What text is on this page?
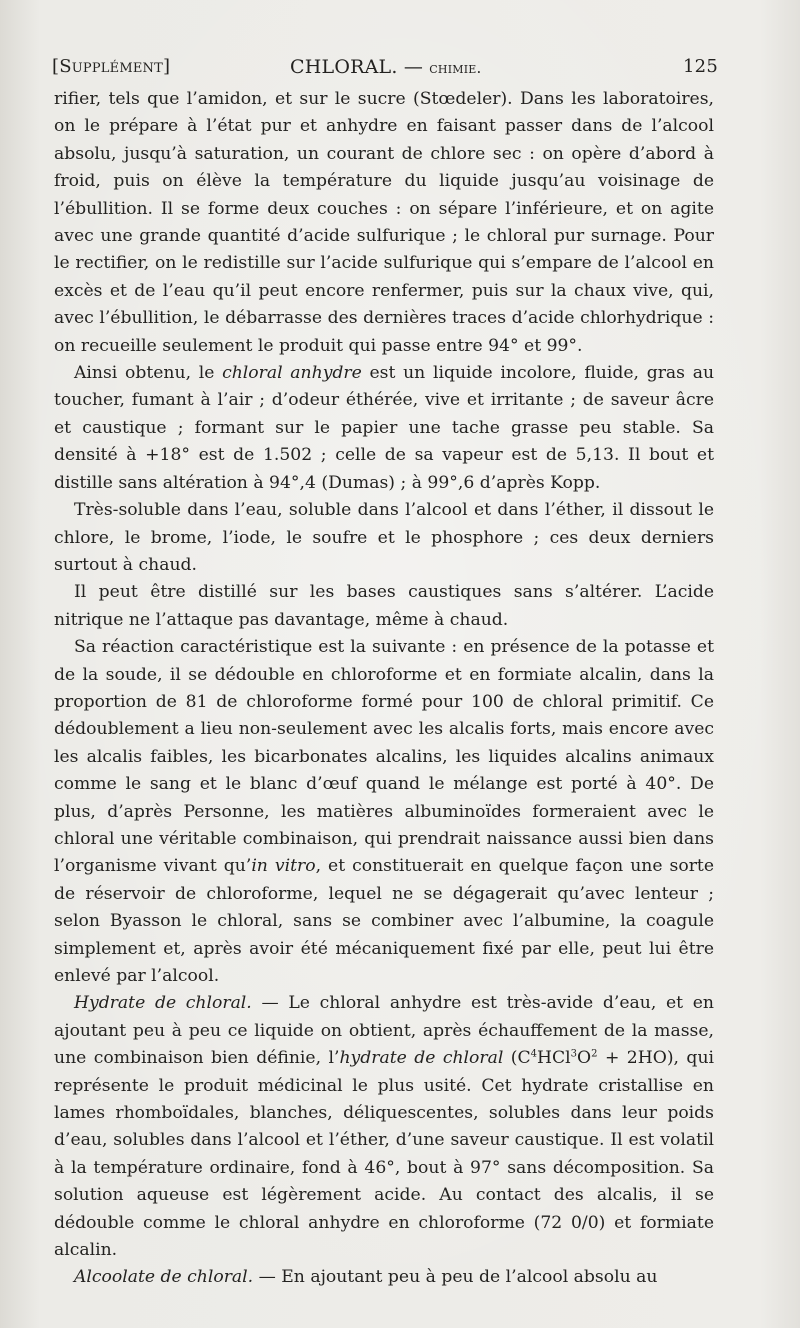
[Supplément]	CHLORAL. — chimie.	125

rifier, tels que l’amidon, et sur le sucre (Stœdeler). Dans les laboratoires, on le prépare à l’état pur et anhydre en faisant passer dans de l’alcool absolu, jusqu’à saturation, un courant de chlore sec : on opère d’abord à froid, puis on élève la température du liquide jusqu’au voisinage de l’ébullition. Il se forme deux couches : on sépare l’inférieure, et on agite avec une grande quantité d’acide sulfurique ; le chloral pur surnage. Pour le rectifier, on le redistille sur l’acide sulfurique qui s’empare de l’alcool en excès et de l’eau qu’il peut encore renfermer, puis sur la chaux vive, qui, avec l’ébullition, le débarrasse des dernières traces d’acide chlorhydrique : on recueille seulement le produit qui passe entre 94° et 99°.

Ainsi obtenu, le chloral anhydre est un liquide incolore, fluide, gras au toucher, fumant à l’air ; d’odeur éthérée, vive et irritante ; de saveur âcre et caustique ; formant sur le papier une tache grasse peu stable. Sa densité à +18° est de 1.502 ; celle de sa vapeur est de 5,13. Il bout et distille sans altération à 94°,4 (Dumas) ; à 99°,6 d’après Kopp.

Très-soluble dans l’eau, soluble dans l’alcool et dans l’éther, il dissout le chlore, le brome, l’iode, le soufre et le phosphore ; ces deux derniers surtout à chaud.

Il peut être distillé sur les bases caustiques sans s’altérer. L’acide nitrique ne l’attaque pas davantage, même à chaud.

Sa réaction caractéristique est la suivante : en présence de la potasse et de la soude, il se dédouble en chloroforme et en formiate alcalin, dans la proportion de 81 de chloroforme formé pour 100 de chloral primitif. Ce dédoublement a lieu non-seulement avec les alcalis forts, mais encore avec les alcalis faibles, les bicarbonates alcalins, les liquides alcalins animaux comme le sang et le blanc d’œuf quand le mélange est porté à 40°. De plus, d’après Personne, les matières albuminoïdes formeraient avec le chloral une véritable combinaison, qui prendrait naissance aussi bien dans l’organisme vivant qu’in vitro, et constituerait en quelque façon une sorte de réservoir de chloroforme, lequel ne se dégagerait qu’avec lenteur ; selon Byasson le chloral, sans se combiner avec l’albumine, la coagule simplement et, après avoir été mécaniquement fixé par elle, peut lui être enlevé par l’alcool.

Hydrate de chloral. — Le chloral anhydre est très-avide d’eau, et en ajoutant peu à peu ce liquide on obtient, après échauffement de la masse, une combinaison bien définie, l’hydrate de chloral $(C^4HCl^3O^2 + 2HO)$, qui représente le produit médicinal le plus usité. Cet hydrate cristallise en lames rhomboïdales, blanches, déliquescentes, solubles dans leur poids d’eau, solubles dans l’alcool et l’éther, d’une saveur caustique. Il est volatil à la température ordinaire, fond à 46°, bout à 97° sans décomposition. Sa solution aqueuse est légèrement acide. Au contact des alcalis, il se dédouble comme le chloral anhydre en chloroforme (72 0/0) et formiate alcalin.

Alcoolate de chloral. — En ajoutant peu à peu de l’alcool absolu au
